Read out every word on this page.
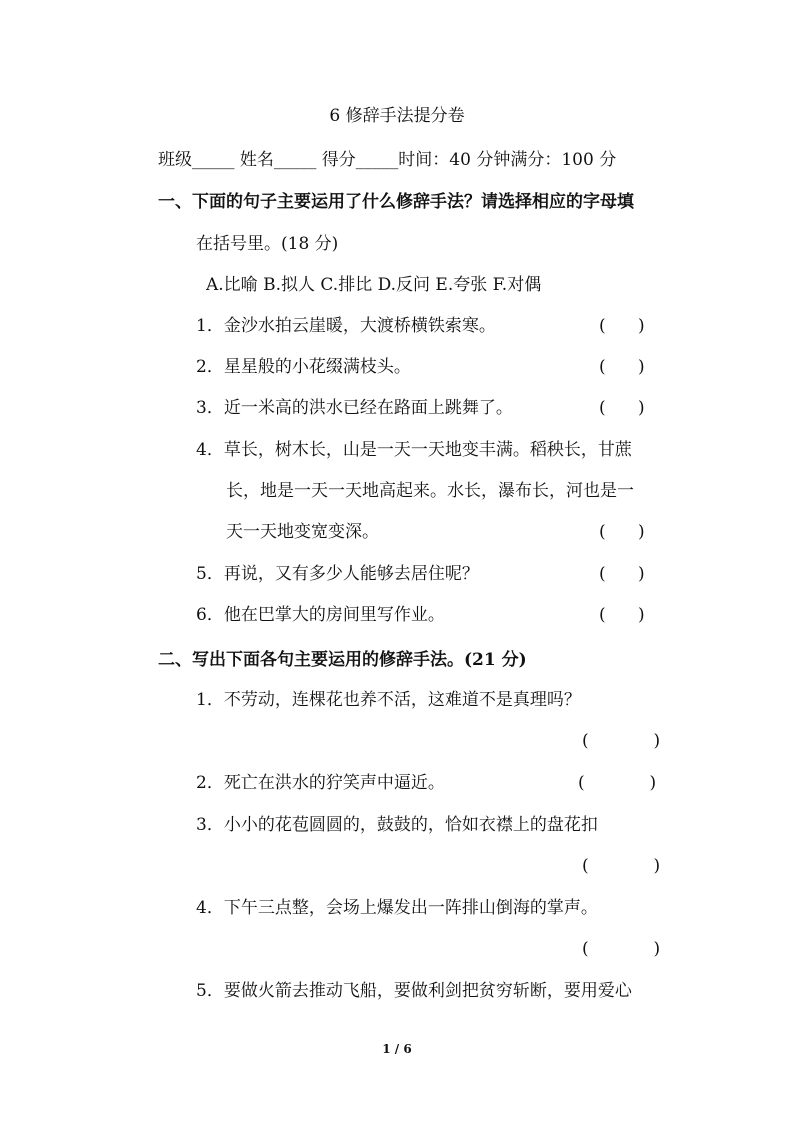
6 修辞手法提分卷
班级_____ 姓名_____ 得分_____时间：40 分钟满分：100 分
一、下面的句子主要运用了什么修辞手法？请选择相应的字母填
在括号里。(18 分)
A.比喻 B.拟人 C.排比 D.反问 E.夸张 F.对偶
1．金沙水拍云崖暖，大渡桥横铁索寒。	(      )
2．星星般的小花缀满枝头。	(      )
3．近一米高的洪水已经在路面上跳舞了。	(      )
4．草长，树木长，山是一天一天地变丰满。稻秧长，甘蔗
长，地是一天一天地高起来。水长，瀑布长，河也是一
天一天地变宽变深。	(      )
5．再说，又有多少人能够去居住呢？	(      )
6．他在巴掌大的房间里写作业。	(      )
二、写出下面各句主要运用的修辞手法。(21 分)
1．不劳动，连棵花也养不活，这难道不是真理吗？
(            )
2．死亡在洪水的狞笑声中逼近。	(            )
3．小小的花苞圆圆的，鼓鼓的，恰如衣襟上的盘花扣
(            )
4．下午三点整，会场上爆发出一阵排山倒海的掌声。
(            )
5．要做火箭去推动飞船，要做利剑把贫穷斩断，要用爱心
1 / 6
